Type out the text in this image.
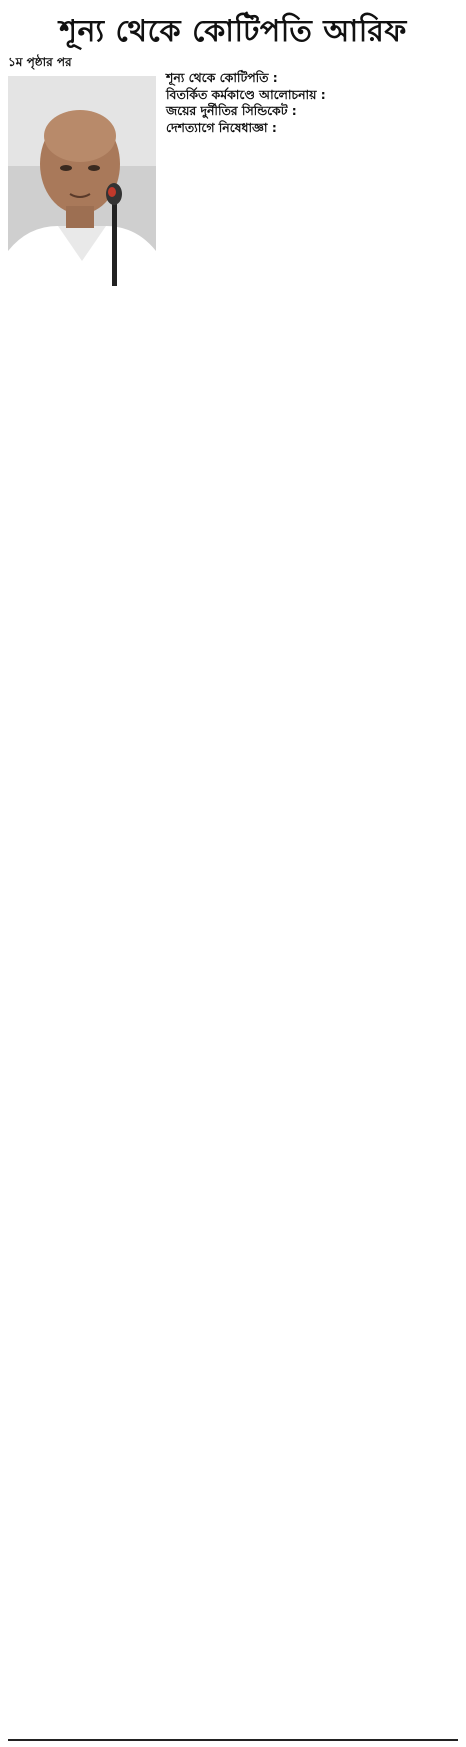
শূন্য থেকে কোটিপতি আরিফ
১ম পৃষ্ঠার পর

শূন্য থেকে কোটিপতি :

বিতর্কিত কর্মকাণ্ডে আলোচনায় :

জয়ের দুর্নীতির সিন্ডিকেট :

দেশত্যাগে নিষেধাজ্ঞা :
